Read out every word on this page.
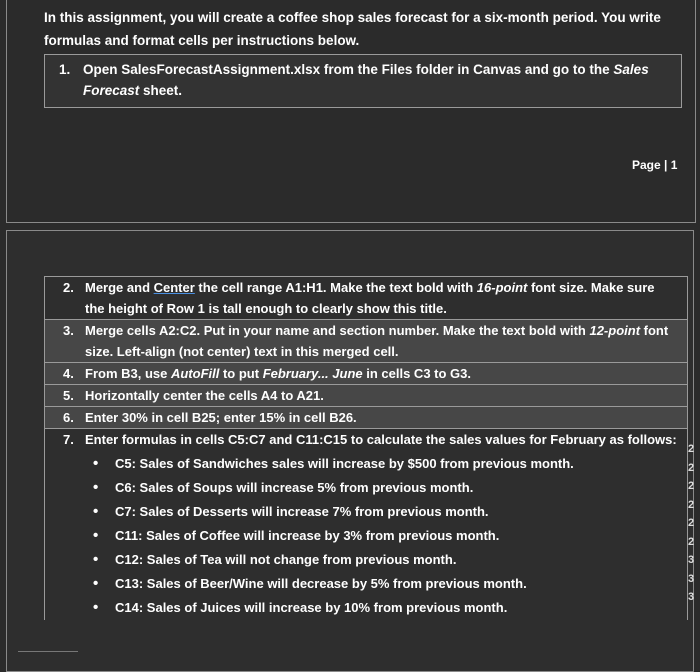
In this assignment, you will create a coffee shop sales forecast for a six-month period. You write formulas and format cells per instructions below.
1. Open SalesForecastAssignment.xlsx from the Files folder in Canvas and go to the Sales Forecast sheet.
Page | 1
2. Merge and Center the cell range A1:H1. Make the text bold with 16-point font size. Make sure the height of Row 1 is tall enough to clearly show this title.
3. Merge cells A2:C2. Put in your name and section number. Make the text bold with 12-point font size. Left-align (not center) text in this merged cell.
4. From B3, use AutoFill to put February... June in cells C3 to G3.
5. Horizontally center the cells A4 to A21.
6. Enter 30% in cell B25; enter 15% in cell B26.
7. Enter formulas in cells C5:C7 and C11:C15 to calculate the sales values for February as follows:
• C5: Sales of Sandwiches sales will increase by $500 from previous month.
• C6: Sales of Soups will increase 5% from previous month.
• C7: Sales of Desserts will increase 7% from previous month.
• C11: Sales of Coffee will increase by 3% from previous month.
• C12: Sales of Tea will not change from previous month.
• C13: Sales of Beer/Wine will decrease by 5% from previous month.
• C14: Sales of Juices will increase by 10% from previous month.
2
2
2
2
2
2
3
3
3
